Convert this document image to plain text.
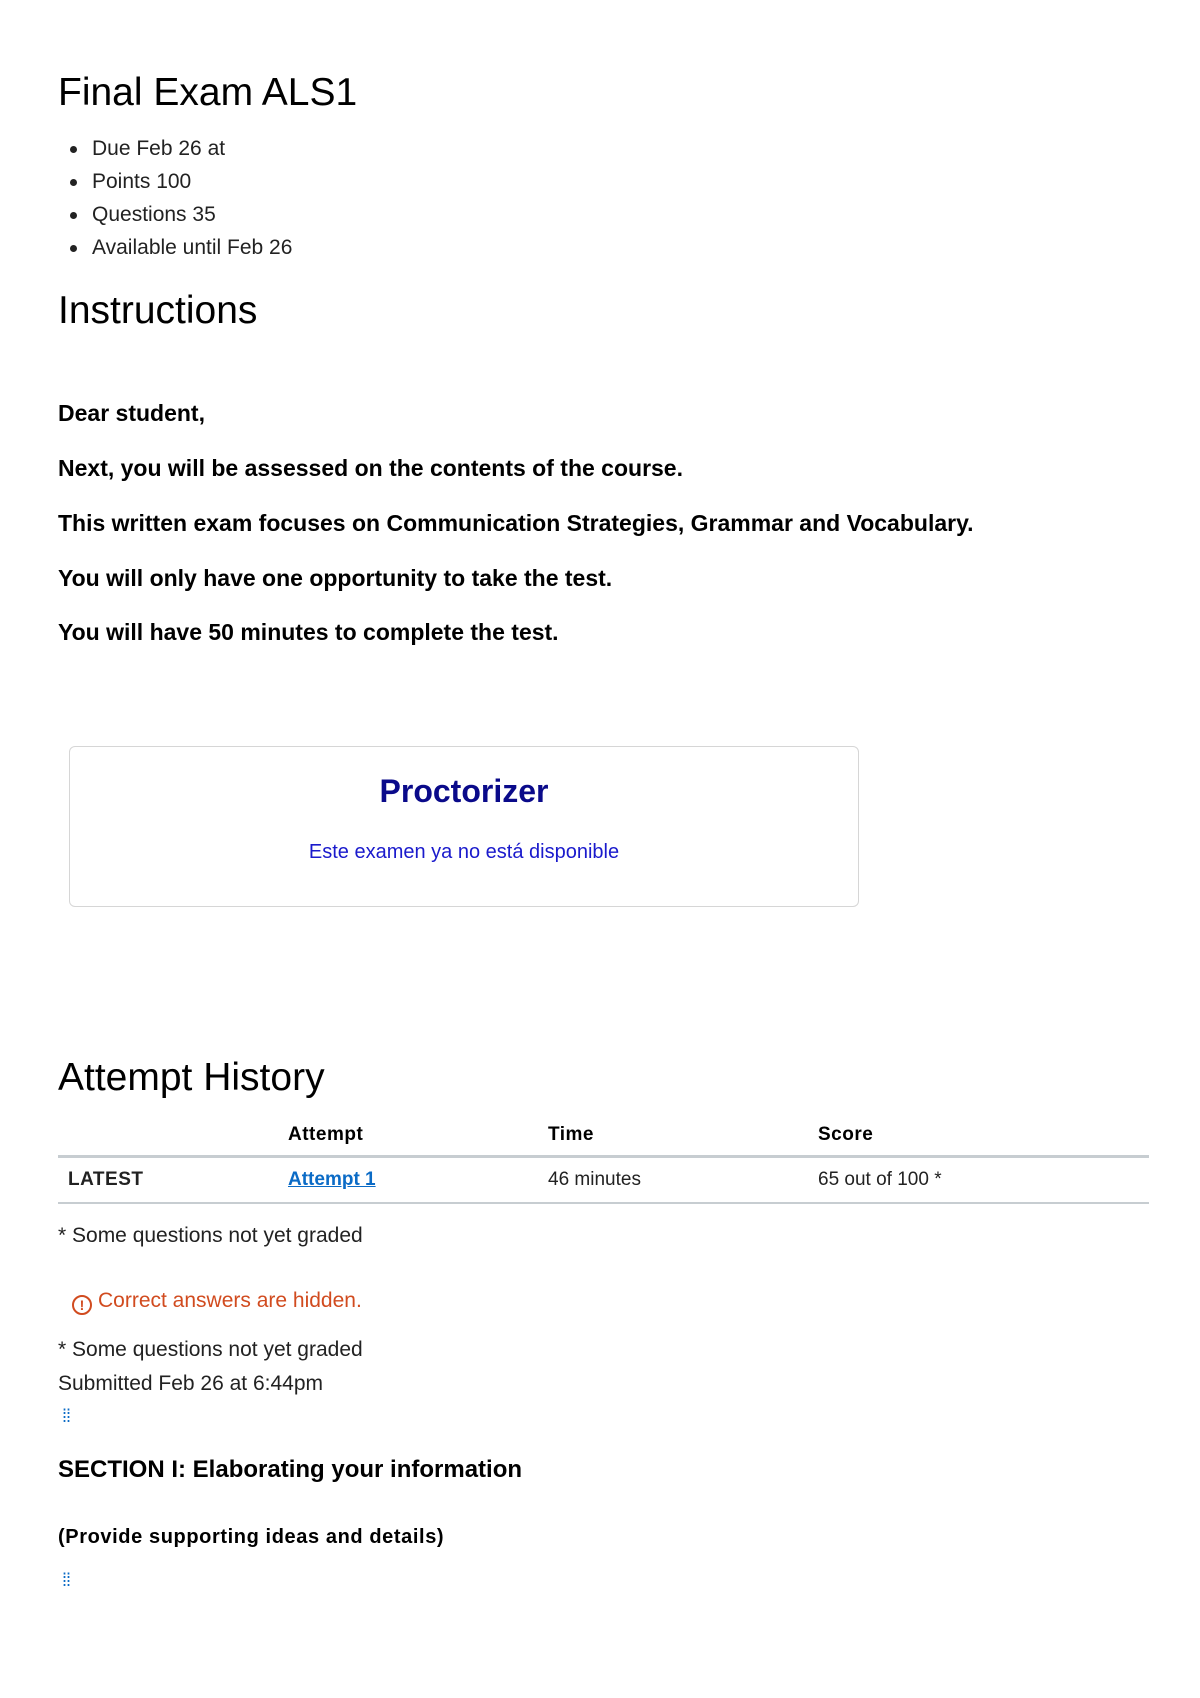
Final Exam ALS1
Due Feb 26 at
Points 100
Questions 35
Available until Feb 26
Instructions
Dear student,
Next, you will be assessed on the contents of the course.
This written exam focuses on Communication Strategies, Grammar and Vocabulary.
You will only have one opportunity to take the test.
You will have 50 minutes to complete the test.
Proctorizer
Este examen ya no está disponible
Attempt History
	Attempt	Time	Score
LATEST	Attempt 1	46 minutes	65 out of 100 *
* Some questions not yet graded
! Correct answers are hidden.
* Some questions not yet graded
Submitted Feb 26 at 6:44pm
⁞⁞
SECTION I: Elaborating your information
(Provide supporting ideas and details)
⁞⁞
